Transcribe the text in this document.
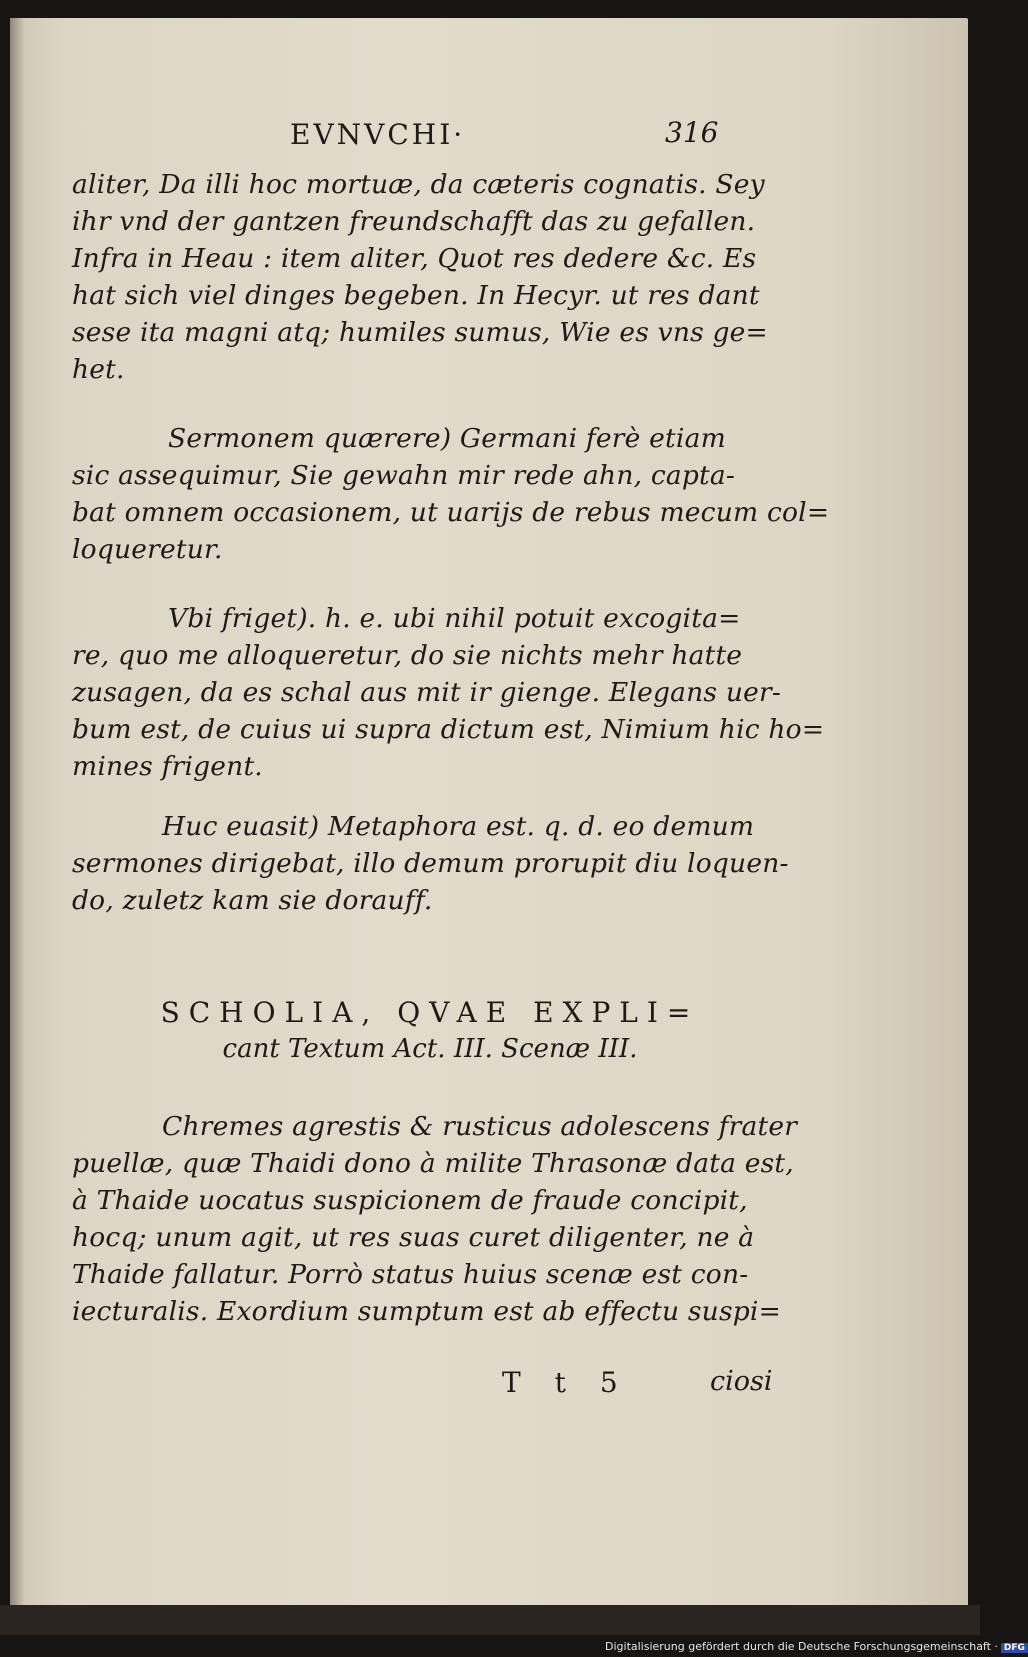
EVNVCHI·	316
aliter, Da illi hoc mortuæ, da cæteris cognatis. Sey
ihr vnd der gantzen freundschafft das zu gefallen.
Infra in Heau : item aliter, Quot res dedere &c. Es
hat sich viel dinges begeben. In Hecyr. ut res dant
sese ita magni atq; humiles sumus, Wie es vns ge=
het.
Sermonem quærere) Germani ferè etiam
sic assequimur, Sie gewahn mir rede ahn, capta-
bat omnem occasionem, ut uarijs de rebus mecum col=
loqueretur.
Vbi friget). h. e. ubi nihil potuit excogita=
re, quo me alloqueretur, do sie nichts mehr hatte
zusagen, da es schal aus mit ir gienge. Elegans uer-
bum est, de cuius ui supra dictum est, Nimium hic ho=
mines frigent.
Huc euasit) Metaphora est. q. d. eo demum
sermones dirigebat, illo demum prorupit diu loquen-
do, zuletz kam sie dorauff.
SCHOLIA, QVAE EXPLI=
cant Textum Act. III. Scenæ III.
Chremes agrestis & rusticus adolescens frater
puellæ, quæ Thaidi dono à milite Thrasonæ data est,
à Thaide uocatus suspicionem de fraude concipit,
hocq; unum agit, ut res suas curet diligenter, ne à
Thaide fallatur. Porrò status huius scenæ est con-
iecturalis. Exordium sumptum est ab effectu suspi=
Tt5 ciosi
Digitalisierung gefördert durch die Deutsche Forschungsgemeinschaft · DFG
